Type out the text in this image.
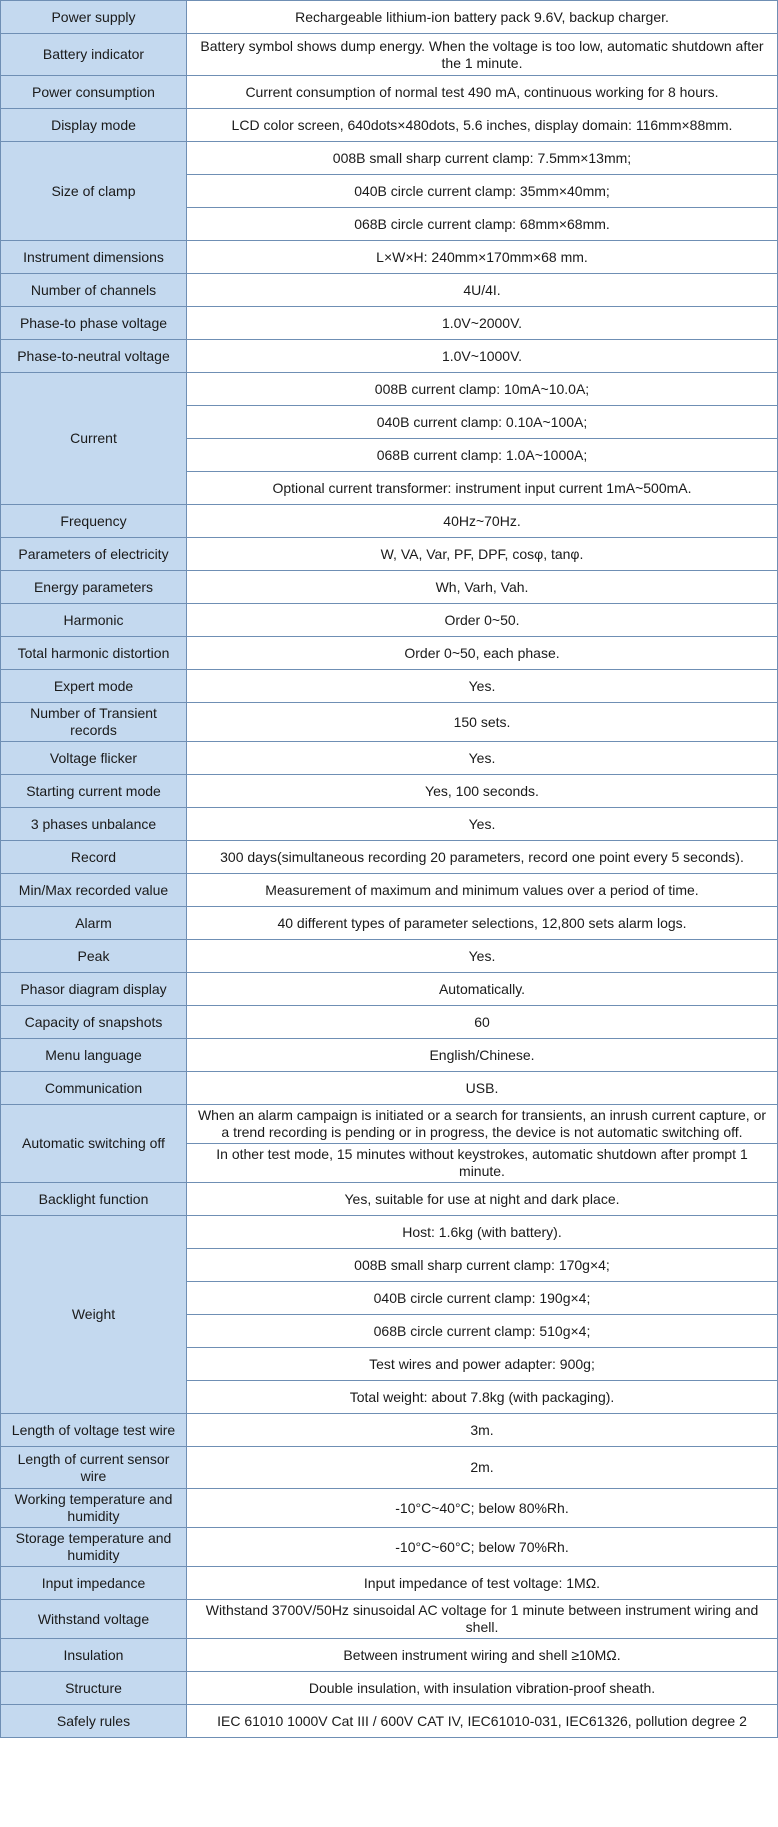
Power supply	Rechargeable lithium-ion battery pack 9.6V, backup charger.
Battery indicator	Battery symbol shows dump energy. When the voltage is too low, automatic shutdown after the 1 minute.
Power consumption	Current consumption of normal test 490 mA, continuous working for 8 hours.
Display mode	LCD color screen, 640dots×480dots, 5.6 inches, display domain: 116mm×88mm.
Size of clamp	008B small sharp current clamp: 7.5mm×13mm;
	040B circle current clamp: 35mm×40mm;
	068B circle current clamp: 68mm×68mm.
Instrument dimensions	L×W×H: 240mm×170mm×68 mm.
Number of channels	4U/4I.
Phase-to phase voltage	1.0V~2000V.
Phase-to-neutral voltage	1.0V~1000V.
Current	008B current clamp: 10mA~10.0A;
	040B current clamp: 0.10A~100A;
	068B current clamp: 1.0A~1000A;
	Optional current transformer: instrument input current 1mA~500mA.
Frequency	40Hz~70Hz.
Parameters of electricity	W, VA, Var, PF, DPF, cosφ, tanφ.
Energy parameters	Wh, Varh, Vah.
Harmonic	Order 0~50.
Total harmonic distortion	Order 0~50, each phase.
Expert mode	Yes.
Number of Transient records	150 sets.
Voltage flicker	Yes.
Starting current mode	Yes, 100 seconds.
3 phases unbalance	Yes.
Record	300 days(simultaneous recording 20 parameters, record one point every 5 seconds).
Min/Max recorded value	Measurement of maximum and minimum values over a period of time.
Alarm	40 different types of parameter selections, 12,800 sets alarm logs.
Peak	Yes.
Phasor diagram display	Automatically.
Capacity of snapshots	60
Menu language	English/Chinese.
Communication	USB.
Automatic switching off	When an alarm campaign is initiated or a search for transients, an inrush current capture, or a trend recording is pending or in progress, the device is not automatic switching off.
	In other test mode, 15 minutes without keystrokes, automatic shutdown after prompt 1 minute.
Backlight function	Yes, suitable for use at night and dark place.
Weight	Host: 1.6kg (with battery).
	008B small sharp current clamp: 170g×4;
	040B circle current clamp: 190g×4;
	068B circle current clamp: 510g×4;
	Test wires and power adapter: 900g;
	Total weight: about 7.8kg (with packaging).
Length of voltage test wire	3m.
Length of current sensor wire	2m.
Working temperature and humidity	-10°C~40°C; below 80%Rh.
Storage temperature and humidity	-10°C~60°C; below 70%Rh.
Input impedance	Input impedance of test voltage: 1MΩ.
Withstand voltage	Withstand 3700V/50Hz sinusoidal AC voltage for 1 minute between instrument wiring and shell.
Insulation	Between instrument wiring and shell ≥10MΩ.
Structure	Double insulation, with insulation vibration-proof sheath.
Safely rules	IEC 61010 1000V Cat III / 600V CAT IV, IEC61010-031, IEC61326, pollution degree 2
